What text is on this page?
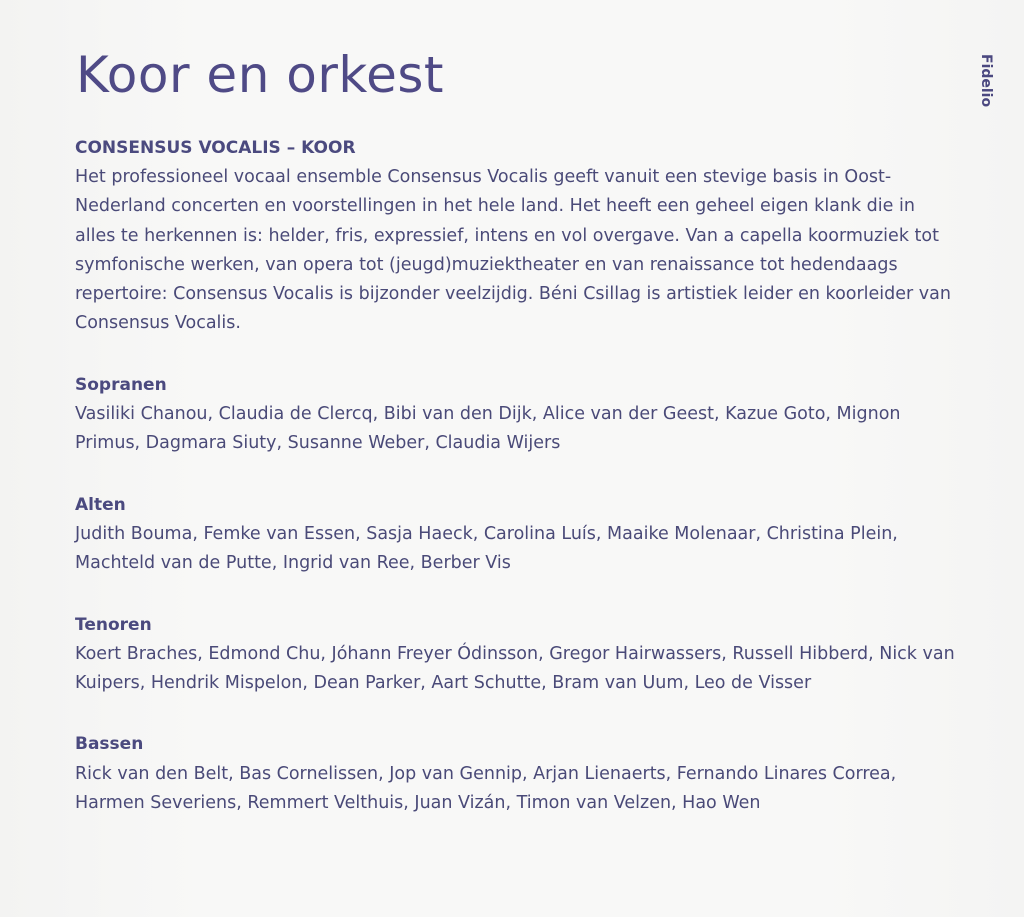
Koor en orkest	Fidelio

CONSENSUS VOCALIS – KOOR

Het professioneel vocaal ensemble Consensus Vocalis geeft vanuit een stevige basis in Oost-Nederland concerten en voorstellingen in het hele land. Het heeft een geheel eigen klank die in alles te herkennen is: helder, fris, expressief, intens en vol overgave. Van a capella koormuziek tot symfonische werken, van opera tot (jeugd)muziektheater en van renaissance tot hedendaags repertoire: Consensus Vocalis is bijzonder veelzijdig. Béni Csillag is artistiek leider en koorleider van Consensus Vocalis.

Sopranen

Vasiliki Chanou, Claudia de Clercq, Bibi van den Dijk, Alice van der Geest, Kazue Goto, Mignon Primus, Dagmara Siuty, Susanne Weber, Claudia Wijers

Alten

Judith Bouma, Femke van Essen, Sasja Haeck, Carolina Luís, Maaike Molenaar, Christina Plein, Machteld van de Putte, Ingrid van Ree, Berber Vis

Tenoren

Koert Braches, Edmond Chu, Jóhann Freyer Ódinsson, Gregor Hairwassers, Russell Hibberd, Nick van Kuipers, Hendrik Mispelon, Dean Parker, Aart Schutte, Bram van Uum, Leo de Visser

Bassen

Rick van den Belt, Bas Cornelissen, Jop van Gennip, Arjan Lienaerts, Fernando Linares Correa, Harmen Severiens, Remmert Velthuis, Juan Vizán, Timon van Velzen, Hao Wen
